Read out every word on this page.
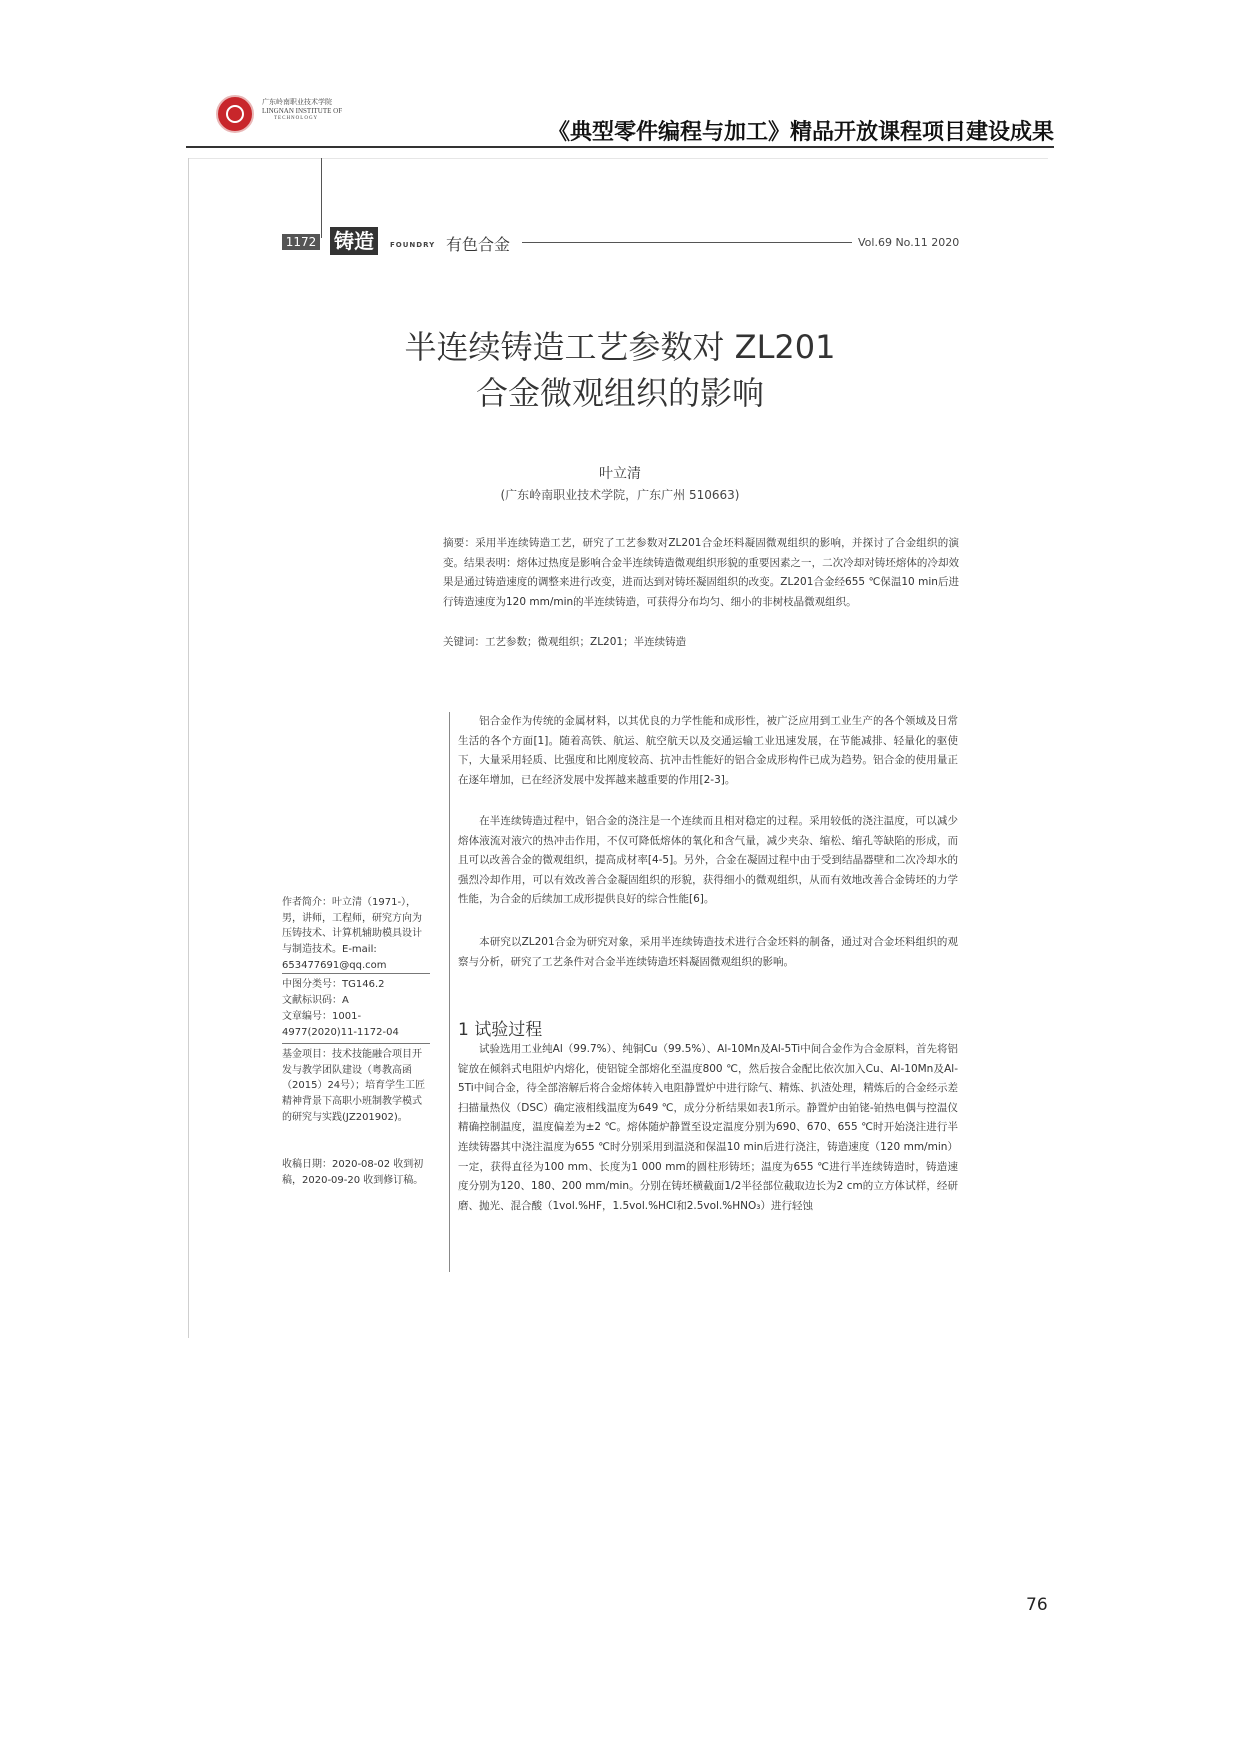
广东岭南职业技术学院
LINGNAN INSTITUTE OF
TECHNOLOGY
《典型零件编程与加工》精品开放课程项目建设成果
1172 铸造	FOUNDRY 有色合金	Vol.69 No.11 2020
半连续铸造工艺参数对 ZL201
合金微观组织的影响
叶立清
(广东岭南职业技术学院，广东广州 510663)
摘要：采用半连续铸造工艺，研究了工艺参数对ZL201合金坯料凝固微观组织的影响，并探讨了合金组织的演变。结果表明：熔体过热度是影响合金半连续铸造微观组织形貌的重要因素之一，二次冷却对铸坯熔体的冷却效果是通过铸造速度的调整来进行改变，进而达到对铸坯凝固组织的改变。ZL201合金经655 ℃保温10 min后进行铸造速度为120 mm/min的半连续铸造，可获得分布均匀、细小的非树枝晶微观组织。
关键词：工艺参数；微观组织；ZL201；半连续铸造
铝合金作为传统的金属材料，以其优良的力学性能和成形性，被广泛应用到工业生产的各个领域及日常生活的各个方面[1]。随着高铁、航运、航空航天以及交通运输工业迅速发展，在节能减排、轻量化的驱使下，大量采用轻质、比强度和比刚度较高、抗冲击性能好的铝合金成形构件已成为趋势。铝合金的使用量正在逐年增加，已在经济发展中发挥越来越重要的作用[2-3]。
在半连续铸造过程中，铝合金的浇注是一个连续而且相对稳定的过程。采用较低的浇注温度，可以减少熔体液流对液穴的热冲击作用，不仅可降低熔体的氧化和含气量，减少夹杂、缩松、缩孔等缺陷的形成，而且可以改善合金的微观组织，提高成材率[4-5]。另外，合金在凝固过程中由于受到结晶器壁和二次冷却水的强烈冷却作用，可以有效改善合金凝固组织的形貌，获得细小的微观组织，从而有效地改善合金铸坯的力学性能，为合金的后续加工成形提供良好的综合性能[6]。
本研究以ZL201合金为研究对象，采用半连续铸造技术进行合金坯料的制备，通过对合金坯料组织的观察与分析，研究了工艺条件对合金半连续铸造坯料凝固微观组织的影响。
1 试验过程
试验选用工业纯Al（99.7%）、纯铜Cu（99.5%）、Al-10Mn及Al-5Ti中间合金作为合金原料，首先将铝锭放在倾斜式电阻炉内熔化，使铝锭全部熔化至温度800 ℃，然后按合金配比依次加入Cu、Al-10Mn及Al-5Ti中间合金，待全部溶解后将合金熔体转入电阻静置炉中进行除气、精炼、扒渣处理，精炼后的合金经示差扫描量热仪（DSC）确定液相线温度为649 ℃，成分分析结果如表1所示。静置炉由铂铑-铂热电偶与控温仪精确控制温度，温度偏差为±2 ℃。熔体随炉静置至设定温度分别为690、670、655 ℃时开始浇注进行半连续铸器其中浇注温度为655 ℃时分别采用到温浇和保温10 min后进行浇注，铸造速度（120 mm/min）一定，获得直径为100 mm、长度为1 000 mm的圆柱形铸坯；温度为655 ℃进行半连续铸造时，铸造速度分别为120、180、200 mm/min。分别在铸坯横截面1/2半径部位截取边长为2 cm的立方体试样，经研磨、抛光、混合酸（1vol.%HF，1.5vol.%HCl和2.5vol.%HNO₃）进行轻蚀
作者简介：叶立清（1971-），男，讲师，工程师，研究方向为压铸技术、计算机辅助模具设计与制造技术。E-mail: 653477691@qq.com
中图分类号：TG146.2
文献标识码：A
文章编号：1001-4977(2020)11-1172-04
基金项目：技术技能融合项目开发与教学团队建设（粤教高函（2015）24号）；培育学生工匠精神背景下高职小班制教学模式的研究与实践(JZ201902)。
收稿日期：2020-08-02 收到初稿，2020-09-20 收到修订稿。
76
